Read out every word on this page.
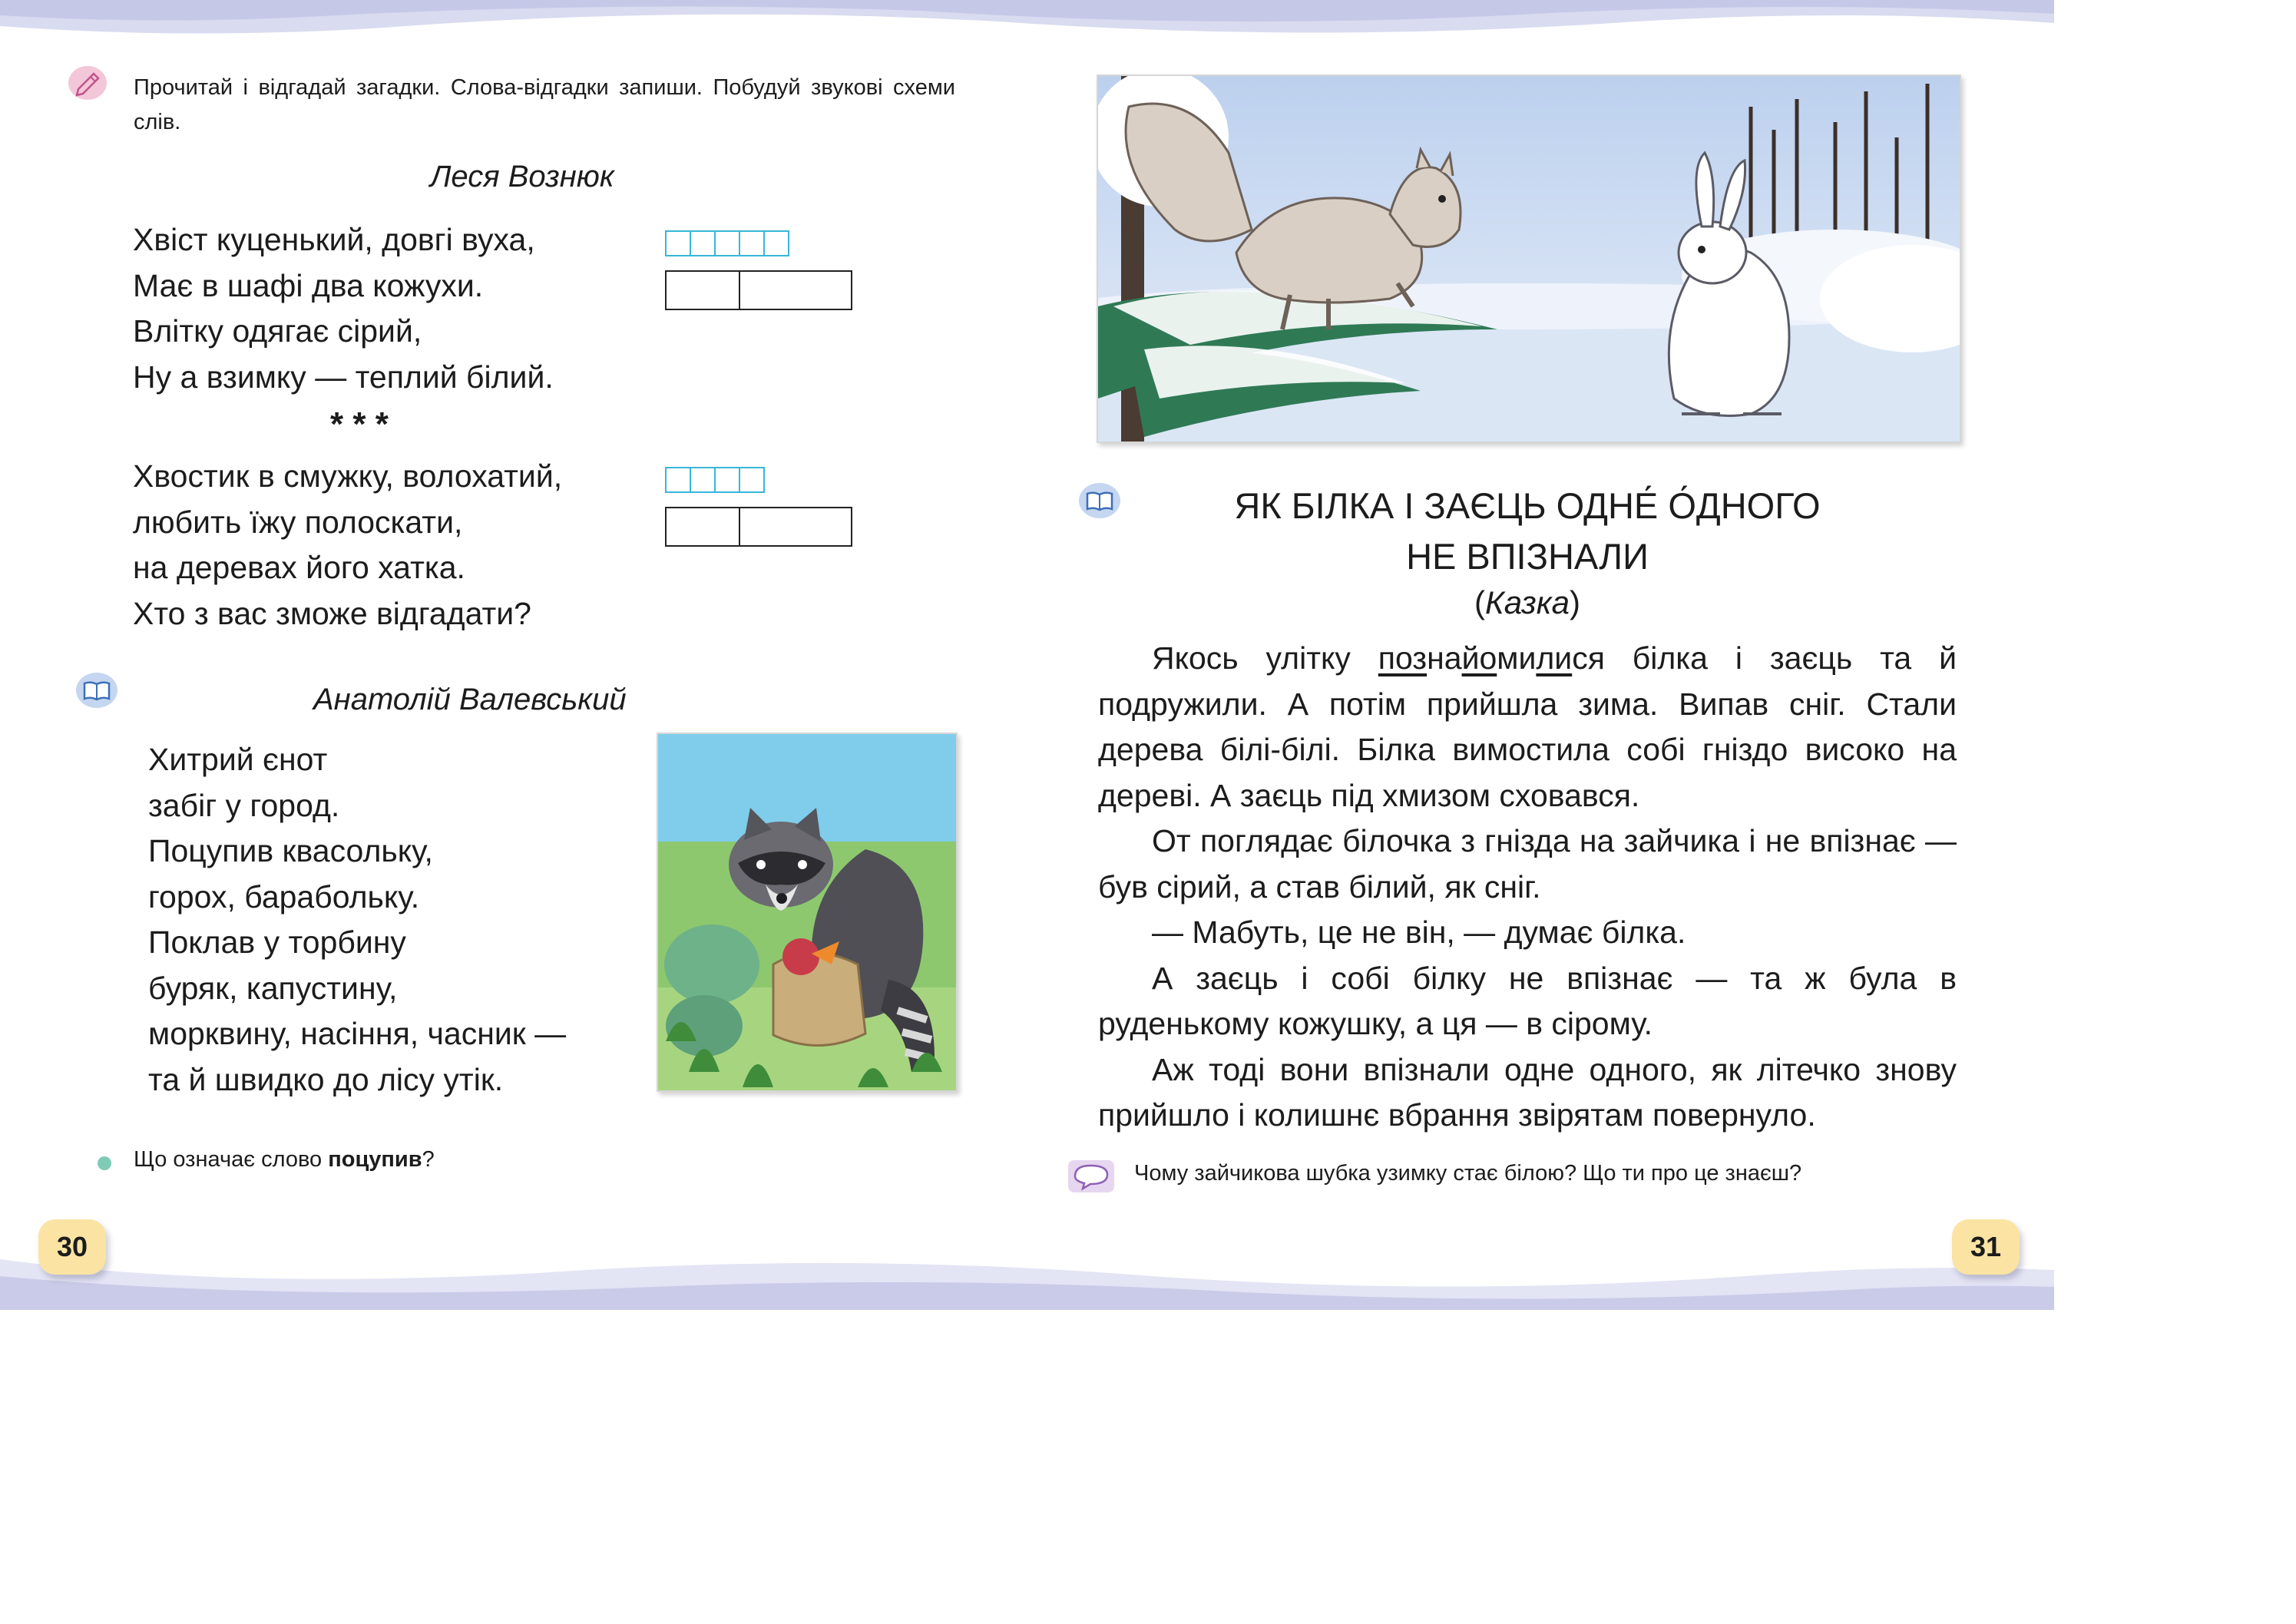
Прочитай і відгадай загадки. Слова-відгадки запиши. Побудуй звукові схеми слів.
Леся Вознюк
Хвіст куценький, довгі вуха,
Має в шафі два кожухи.
Влітку одягає сірий,
Ну а взимку — теплий білий.
* * *
Хвостик в смужку, волохатий,
любить їжу полоскати,
на деревах його хатка.
Хто з вас зможе відгадати?
Анатолій Валевський
Хитрий єнот
забіг у город.
Поцупив квасольку,
горох, барабольку.
Поклав у торбину
буряк, капустину,
морквину, насіння, часник —
та й швидко до лісу утік.
Що означає слово поцупив?
30
ЯК БІЛКА І ЗАЄЦЬ ОДНЕ́ О́ДНОГО
НЕ ВПІЗНАЛИ
(Казка)

Якось улітку познайомилися білка і заєць та й подружили. А потім прийшла зима. Випав сніг. Стали дерева білі-білі. Білка вимостила собі гніздо високо на дереві. А заєць під хмизом сховався.

От поглядає білочка з гнізда на зайчика і не впізнає — був сірий, а став білий, як сніг.

— Мабуть, це не він, — думає білка.

А заєць і собі білку не впізнає — та ж була в руденькому кожушку, а ця — в сірому.

Аж тоді вони впізнали одне одного, як літечко знову прийшло і колишнє вбрання звірятам повернуло.

Чому зайчикова шубка узимку стає білою? Що ти про це знаєш?
31
